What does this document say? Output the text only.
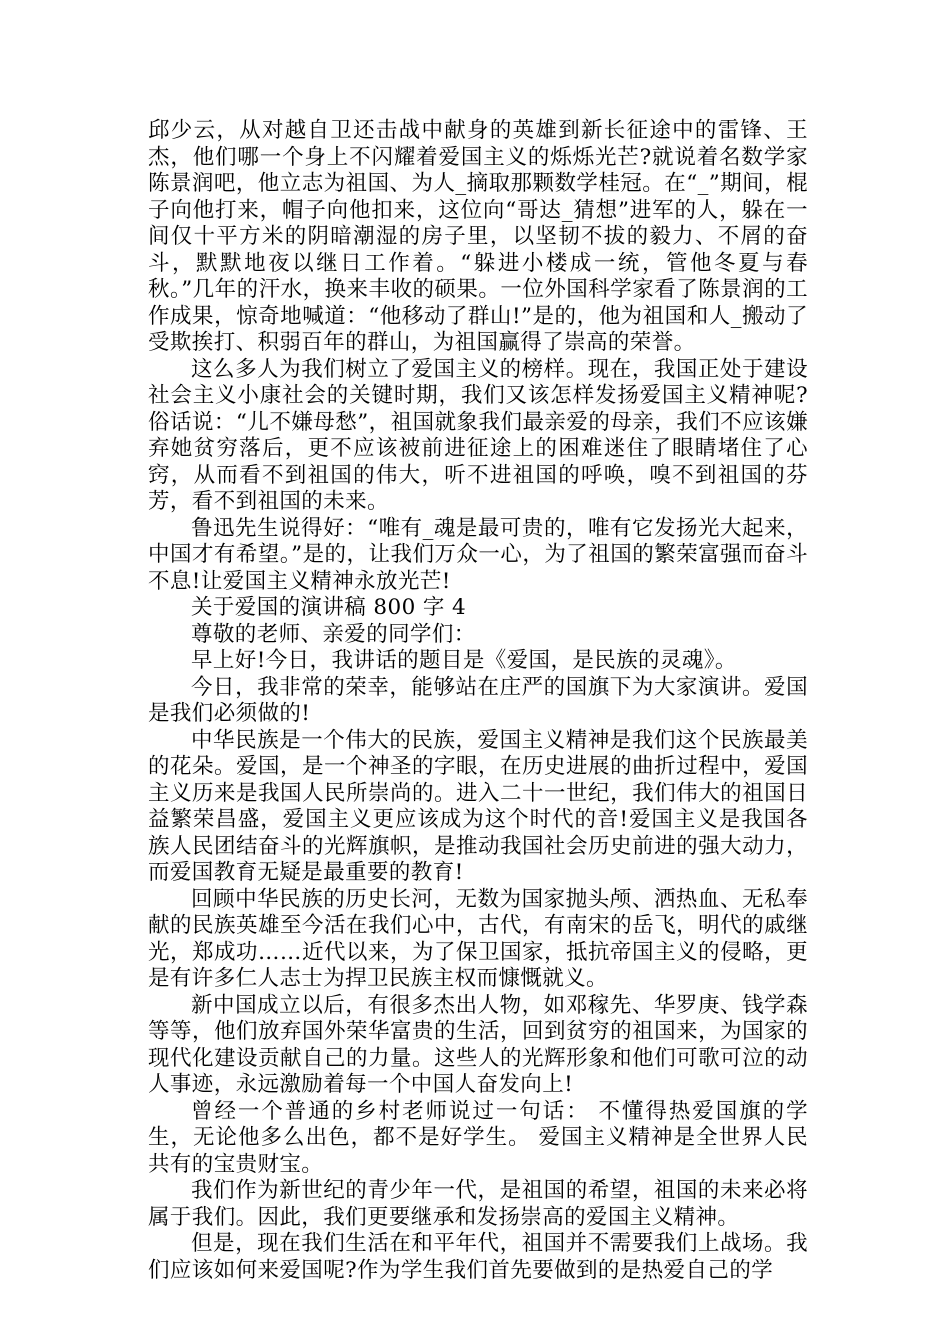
邱少云，从对越自卫还击战中献身的英雄到新长征途中的雷锋、王杰，他们哪一个身上不闪耀着爱国主义的烁烁光芒?就说着名数学家陈景润吧，他立志为祖国、为人_摘取那颗数学桂冠。在“_”期间，棍子向他打来，帽子向他扣来，这位向“哥达_猜想”进军的人，躲在一间仅十平方米的阴暗潮湿的房子里，以坚韧不拔的毅力、不屑的奋斗，默默地夜以继日工作着。“躲进小楼成一统，管他冬夏与春秋。”几年的汗水，换来丰收的硕果。一位外国科学家看了陈景润的工作成果，惊奇地喊道：“他移动了群山!”是的，他为祖国和人_搬动了受欺挨打、积弱百年的群山，为祖国赢得了崇高的荣誉。

这么多人为我们树立了爱国主义的榜样。现在，我国正处于建设社会主义小康社会的关键时期，我们又该怎样发扬爱国主义精神呢?俗话说：“儿不嫌母愁”，祖国就象我们最亲爱的母亲，我们不应该嫌弃她贫穷落后，更不应该被前进征途上的困难迷住了眼睛堵住了心窍，从而看不到祖国的伟大，听不进祖国的呼唤，嗅不到祖国的芬芳，看不到祖国的未来。

鲁迅先生说得好：“唯有_魂是最可贵的，唯有它发扬光大起来，中国才有希望。”是的，让我们万众一心，为了祖国的繁荣富强而奋斗不息!让爱国主义精神永放光芒!

关于爱国的演讲稿 800 字 4

尊敬的老师、亲爱的同学们：

早上好!今日，我讲话的题目是《爱国，是民族的灵魂》。

今日，我非常的荣幸，能够站在庄严的国旗下为大家演讲。爱国是我们必须做的!

中华民族是一个伟大的民族，爱国主义精神是我们这个民族最美的花朵。爱国，是一个神圣的字眼，在历史进展的曲折过程中，爱国主义历来是我国人民所崇尚的。进入二十一世纪，我们伟大的祖国日益繁荣昌盛，爱国主义更应该成为这个时代的音!爱国主义是我国各族人民团结奋斗的光辉旗帜，是推动我国社会历史前进的强大动力，而爱国教育无疑是最重要的教育!

回顾中华民族的历史长河，无数为国家抛头颅、洒热血、无私奉献的民族英雄至今活在我们心中，古代，有南宋的岳飞，明代的戚继光，郑成功……近代以来，为了保卫国家，抵抗帝国主义的侵略，更是有许多仁人志士为捍卫民族主权而慷慨就义。

新中国成立以后，有很多杰出人物，如邓稼先、华罗庚、钱学森等等，他们放弃国外荣华富贵的生活，回到贫穷的祖国来，为国家的现代化建设贡献自己的力量。这些人的光辉形象和他们可歌可泣的动人事迹，永远激励着每一个中国人奋发向上!

曾经一个普通的乡村老师说过一句话： 不懂得热爱国旗的学生，无论他多么出色，都不是好学生。 爱国主义精神是全世界人民共有的宝贵财宝。

我们作为新世纪的青少年一代，是祖国的希望，祖国的未来必将属于我们。因此，我们更要继承和发扬崇高的爱国主义精神。

但是，现在我们生活在和平年代，祖国并不需要我们上战场。我们应该如何来爱国呢?作为学生我们首先要做到的是热爱自己的学
